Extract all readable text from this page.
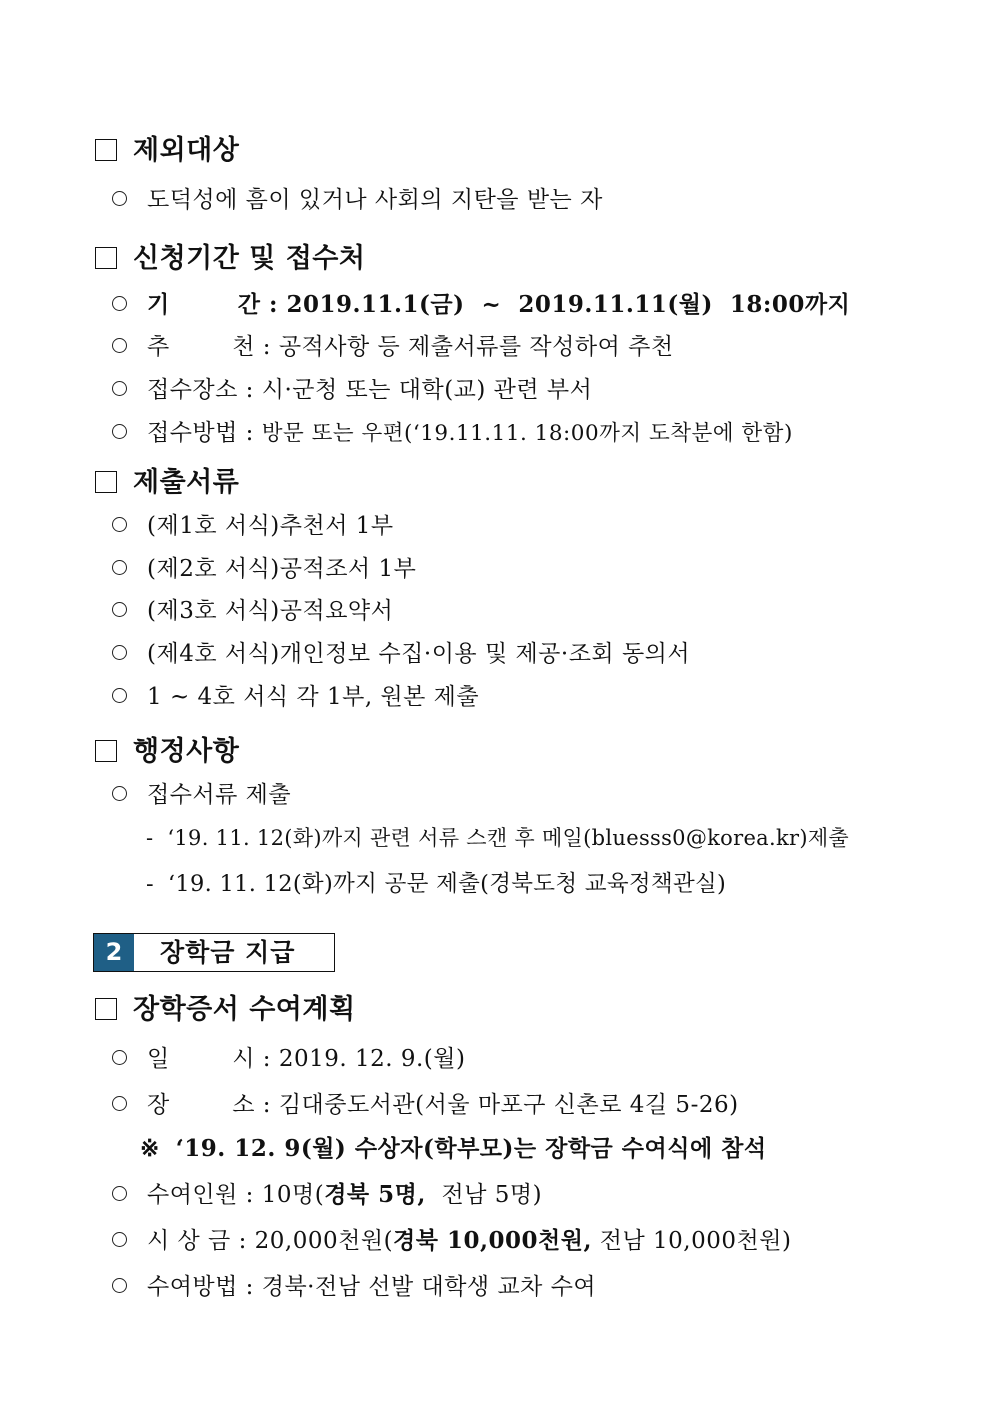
제외대상
도덕성에 흠이 있거나 사회의 지탄을 받는 자
신청기간 및 접수처
기        간 : 2019.11.1(금)  ~  2019.11.11(월)  18:00까지
추        천 : 공적사항 등 제출서류를 작성하여 추천
접수장소 : 시·군청 또는 대학(교) 관련 부서
접수방법 : 방문 또는 우편(‘19.11.11. 18:00까지 도착분에 한함)
제출서류
(제1호 서식)추천서 1부
(제2호 서식)공적조서 1부
(제3호 서식)공적요약서
(제4호 서식)개인정보 수집·이용 및 제공·조회 동의서
1 ~ 4호 서식 각 1부, 원본 제출
행정사항
접수서류 제출
- ‘19. 11. 12(화)까지 관련 서류 스캔 후 메일(bluesss0@korea.kr)제출
- ‘19. 11. 12(화)까지 공문 제출(경북도청 교육정책관실)
2	장학금 지급
장학증서 수여계획
일        시 : 2019. 12. 9.(월)
장        소 : 김대중도서관(서울 마포구 신촌로 4길 5-26)
※ ‘19. 12. 9(월) 수상자(학부모)는 장학금 수여식에 참석
수여인원 : 10명(경북 5명,  전남 5명)
시 상 금 : 20,000천원(경북 10,000천원, 전남 10,000천원)
수여방법 : 경북·전남 선발 대학생 교차 수여
